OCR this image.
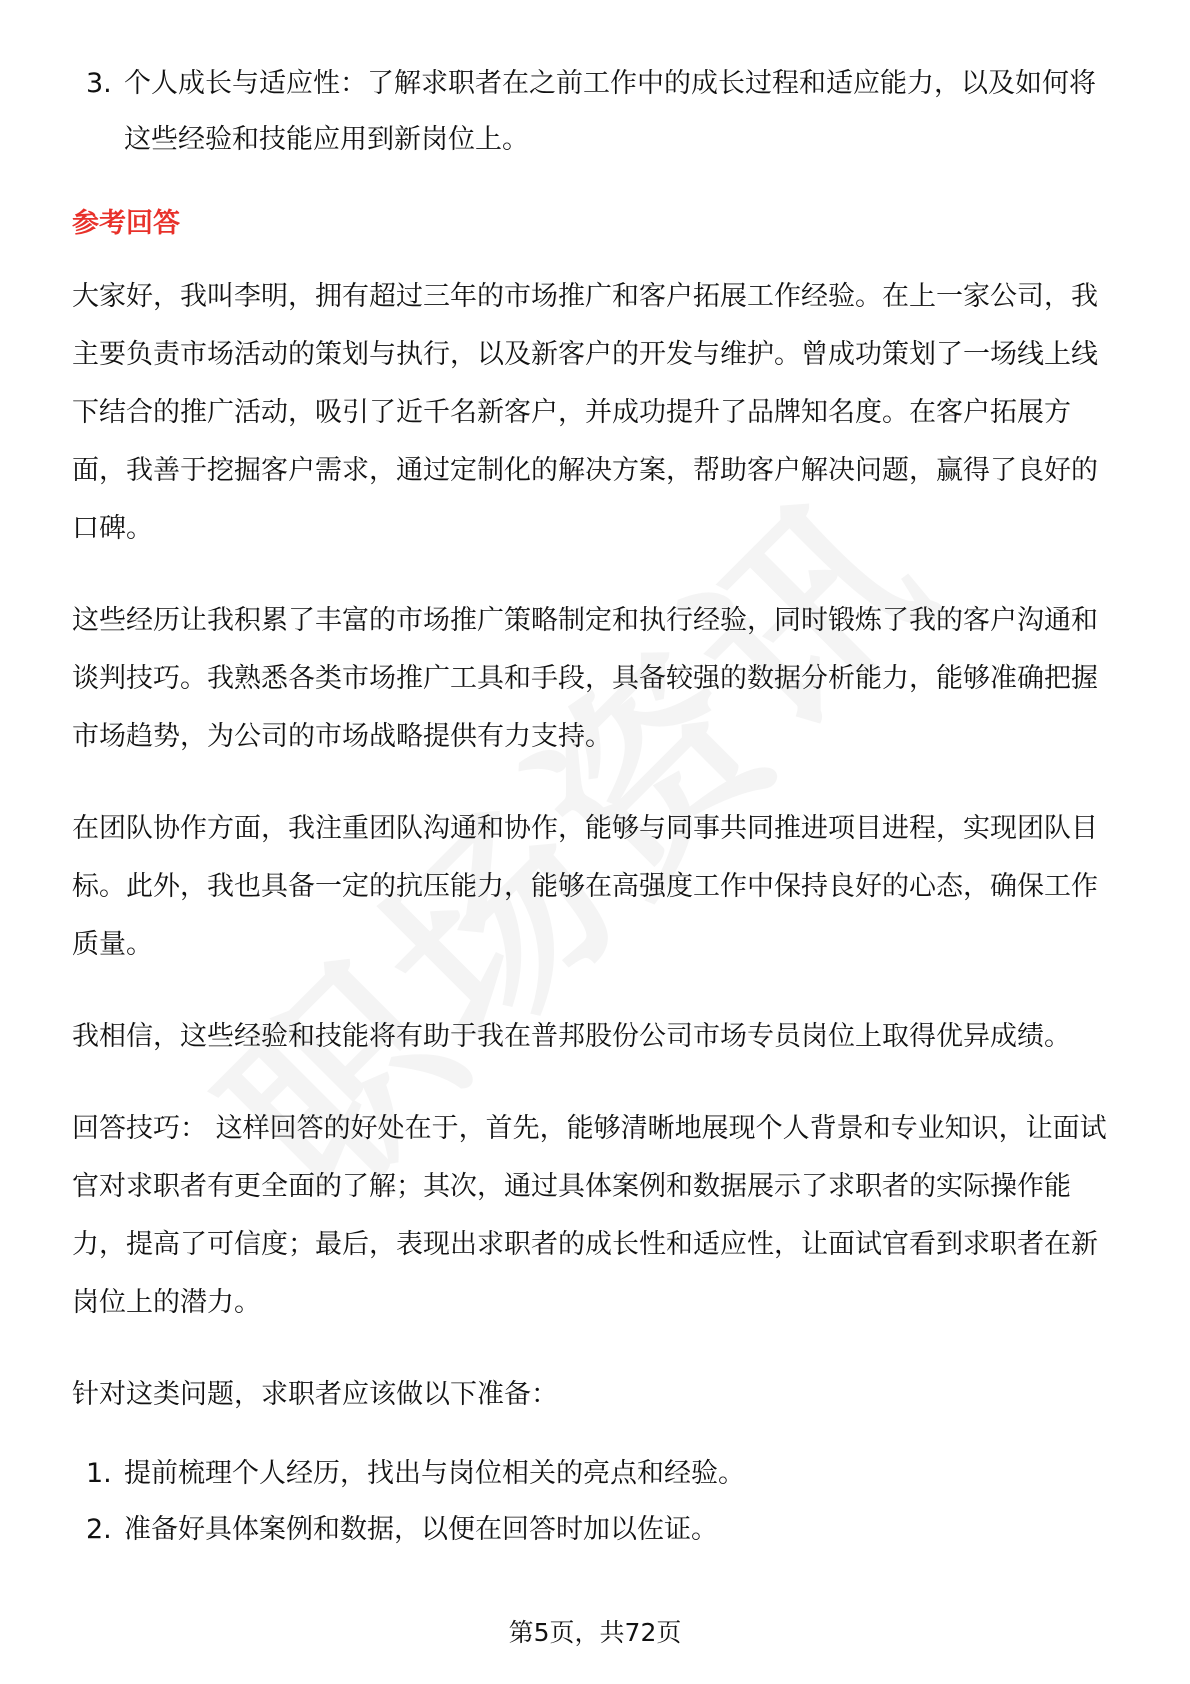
3. 个人成长与适应性：了解求职者在之前工作中的成长过程和适应能力，以及如何将这些经验和技能应用到新岗位上。
参考回答
大家好，我叫李明，拥有超过三年的市场推广和客户拓展工作经验。在上一家公司，我主要负责市场活动的策划与执行，以及新客户的开发与维护。曾成功策划了一场线上线下结合的推广活动，吸引了近千名新客户，并成功提升了品牌知名度。在客户拓展方面，我善于挖掘客户需求，通过定制化的解决方案，帮助客户解决问题，赢得了良好的口碑。
这些经历让我积累了丰富的市场推广策略制定和执行经验，同时锻炼了我的客户沟通和谈判技巧。我熟悉各类市场推广工具和手段，具备较强的数据分析能力，能够准确把握市场趋势，为公司的市场战略提供有力支持。
在团队协作方面，我注重团队沟通和协作，能够与同事共同推进项目进程，实现团队目标。此外，我也具备一定的抗压能力，能够在高强度工作中保持良好的心态，确保工作质量。
我相信，这些经验和技能将有助于我在普邦股份公司市场专员岗位上取得优异成绩。
回答技巧： 这样回答的好处在于，首先，能够清晰地展现个人背景和专业知识，让面试官对求职者有更全面的了解；其次，通过具体案例和数据展示了求职者的实际操作能力，提高了可信度；最后，表现出求职者的成长性和适应性，让面试官看到求职者在新岗位上的潜力。
针对这类问题，求职者应该做以下准备：
1. 提前梳理个人经历，找出与岗位相关的亮点和经验。
2. 准备好具体案例和数据，以便在回答时加以佐证。
第5页，共72页
